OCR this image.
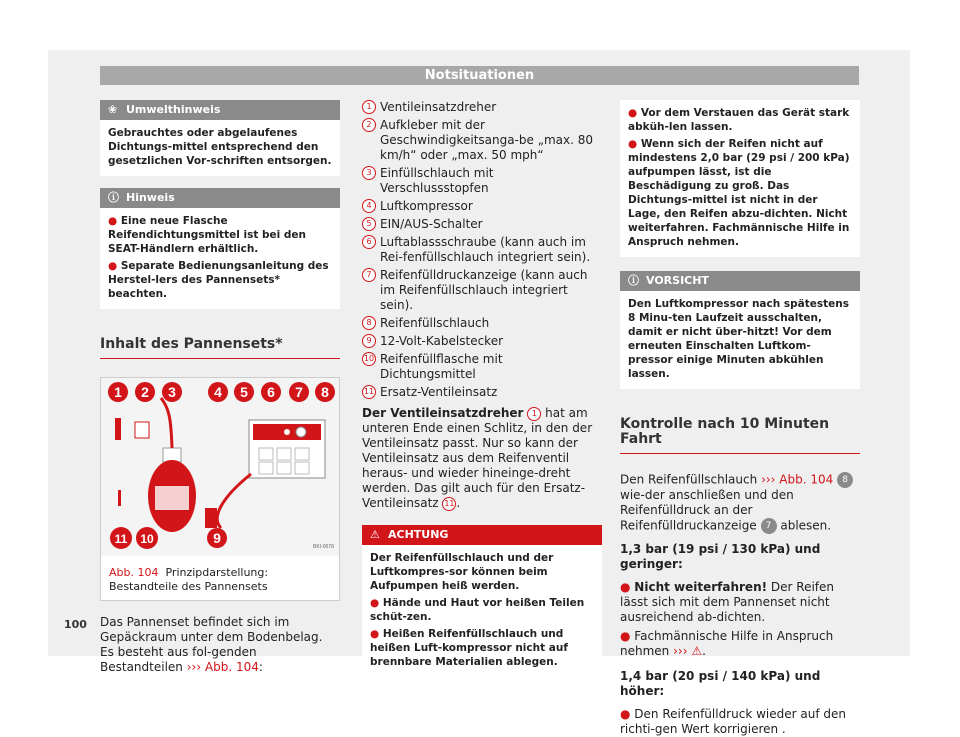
Notsituationen
❀ Umwelthinweis
Gebrauchtes oder abgelaufenes Dichtungs-mittel entsprechend den gesetzlichen Vor-schriften entsorgen.
ⓘ Hinweis
● Eine neue Flasche Reifendichtungsmittel ist bei den SEAT-Händlern erhältlich.
● Separate Bedienungsanleitung des Herstel-lers des Pannensets* beachten.
Inhalt des Pannensets*
1 2 3	4 5 6 7 8
11 10	9
BKI-0078
Abb. 104 Prinzipdarstellung: Bestandteile des Pannensets
Das Pannenset befindet sich im Gepäckraum unter dem Bodenbelag. Es besteht aus fol-genden Bestandteilen ››› Abb. 104:
100
1 Ventileinsatzdreher
2 Aufkleber mit der Geschwindigkeitsanga-be „max. 80 km/h“ oder „max. 50 mph“
3 Einfüllschlauch mit Verschlussstopfen
4 Luftkompressor
5 EIN/AUS-Schalter
6 Luftablassschraube (kann auch im Rei-fenfüllschlauch integriert sein).
7 Reifenfülldruckanzeige (kann auch im Reifenfüllschlauch integriert sein).
8 Reifenfüllschlauch
9 12-Volt-Kabelstecker
10 Reifenfüllflasche mit Dichtungsmittel
11 Ersatz-Ventileinsatz
Der Ventileinsatzdreher 1 hat am unteren Ende einen Schlitz, in den der Ventileinsatz passt. Nur so kann der Ventileinsatz aus dem Reifenventil heraus- und wieder hineinge-dreht werden. Das gilt auch für den Ersatz-Ventileinsatz 11 .
⚠ ACHTUNG
Der Reifenfüllschlauch und der Luftkompres-sor können beim Aufpumpen heiß werden.
● Hände und Haut vor heißen Teilen schüt-zen.
● Heißen Reifenfüllschlauch und heißen Luft-kompressor nicht auf brennbare Materialien ablegen.
● Vor dem Verstauen das Gerät stark abküh-len lassen.
● Wenn sich der Reifen nicht auf mindestens 2,0 bar (29 psi / 200 kPa) aufpumpen lässt, ist die Beschädigung zu groß. Das Dichtungs-mittel ist nicht in der Lage, den Reifen abzu-dichten. Nicht weiterfahren. Fachmännische Hilfe in Anspruch nehmen.
ⓘ VORSICHT
Den Luftkompressor nach spätestens 8 Minu-ten Laufzeit ausschalten, damit er nicht über-hitzt! Vor dem erneuten Einschalten Luftkom-pressor einige Minuten abkühlen lassen.
Kontrolle nach 10 Minuten Fahrt

Den Reifenfüllschlauch ››› Abb. 104 8 wie-der anschließen und den Reifenfülldruck an der Reifenfülldruckanzeige 7 ablesen.

1,3 bar (19 psi / 130 kPa) und geringer:

● Nicht weiterfahren! Der Reifen lässt sich mit dem Pannenset nicht ausreichend ab-dichten.
● Fachmännische Hilfe in Anspruch nehmen ››› ⚠.

1,4 bar (20 psi / 140 kPa) und höher:

● Den Reifenfülldruck wieder auf den richti-gen Wert korrigieren .
